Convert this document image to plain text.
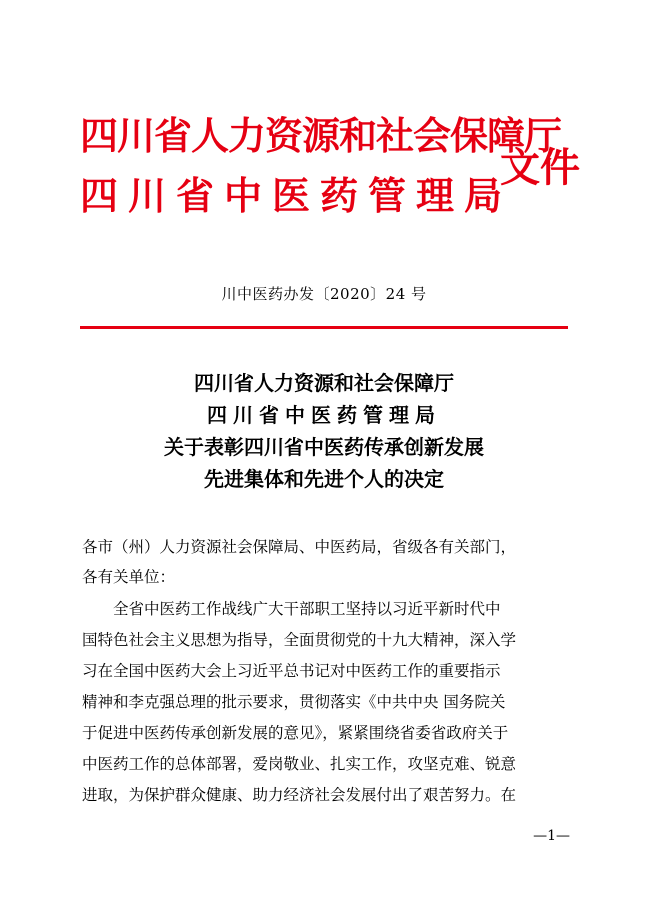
四川省人力资源和社会保障厅
四川省中医药管理局
文件
川中医药办发〔2020〕24 号
四川省人力资源和社会保障厅
四川省中医药管理局
关于表彰四川省中医药传承创新发展
先进集体和先进个人的决定
各市（州）人力资源社会保障局、中医药局，省级各有关部门，
各有关单位：
　　全省中医药工作战线广大干部职工坚持以习近平新时代中
国特色社会主义思想为指导，全面贯彻党的十九大精神，深入学
习在全国中医药大会上习近平总书记对中医药工作的重要指示
精神和李克强总理的批示要求，贯彻落实《中共中央 国务院关
于促进中医药传承创新发展的意见》，紧紧围绕省委省政府关于
中医药工作的总体部署，爱岗敬业、扎实工作，攻坚克难、锐意
进取，为保护群众健康、助力经济社会发展付出了艰苦努力。在
—1—
